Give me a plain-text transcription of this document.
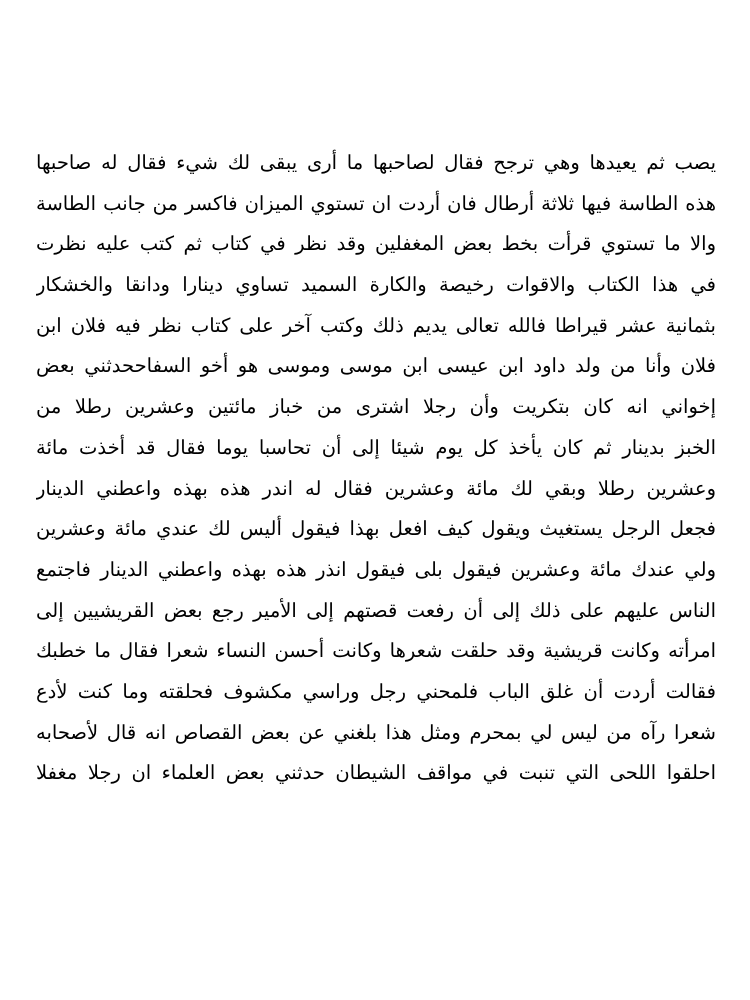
يصب ثم يعيدها وهي ترجح فقال لصاحبها ما أرى يبقى لك شيء فقال له صاحبها
هذه الطاسة فيها ثلاثة أرطال فان أردت ان تستوي الميزان فاكسر من جانب الطاسة
والا ما تستوي قرأت بخط بعض المغفلين وقد نظر في كتاب ثم كتب عليه نظرت
في هذا الكتاب والاقوات رخيصة والكارة السميد تساوي دينارا ودانقا والخشكار
بثمانية عشر قيراطا فالله تعالى يديم ذلك وكتب آخر على كتاب نظر فيه فلان ابن
فلان وأنا من ولد داود ابن عيسى ابن موسى وموسى هو أخو السفاححدثني بعض
إخواني انه كان بتكريت وأن رجلا اشترى من خباز مائتين وعشرين رطلا من
الخبز بدينار ثم كان يأخذ كل يوم شيئا إلى أن تحاسبا يوما فقال قد أخذت مائة
وعشرين رطلا وبقي لك مائة وعشرين فقال له اندر هذه بهذه واعطني الدينار
فجعل الرجل يستغيث ويقول كيف افعل بهذا فيقول أليس لك عندي مائة وعشرين
ولي عندك مائة وعشرين فيقول بلى فيقول انذر هذه بهذه واعطني الدينار فاجتمع
الناس عليهم على ذلك إلى أن رفعت قصتهم إلى الأمير رجع بعض القريشيين إلى
امرأته وكانت قريشية وقد حلقت شعرها وكانت أحسن النساء شعرا فقال ما خطبك
فقالت أردت أن غلق الباب فلمحني رجل وراسي مكشوف فحلقته وما كنت لأدع
شعرا رآه من ليس لي بمحرم ومثل هذا بلغني عن بعض القصاص انه قال لأصحابه
احلقوا اللحى التي تنبت في مواقف الشيطان حدثني بعض العلماء ان رجلا مغفلا
